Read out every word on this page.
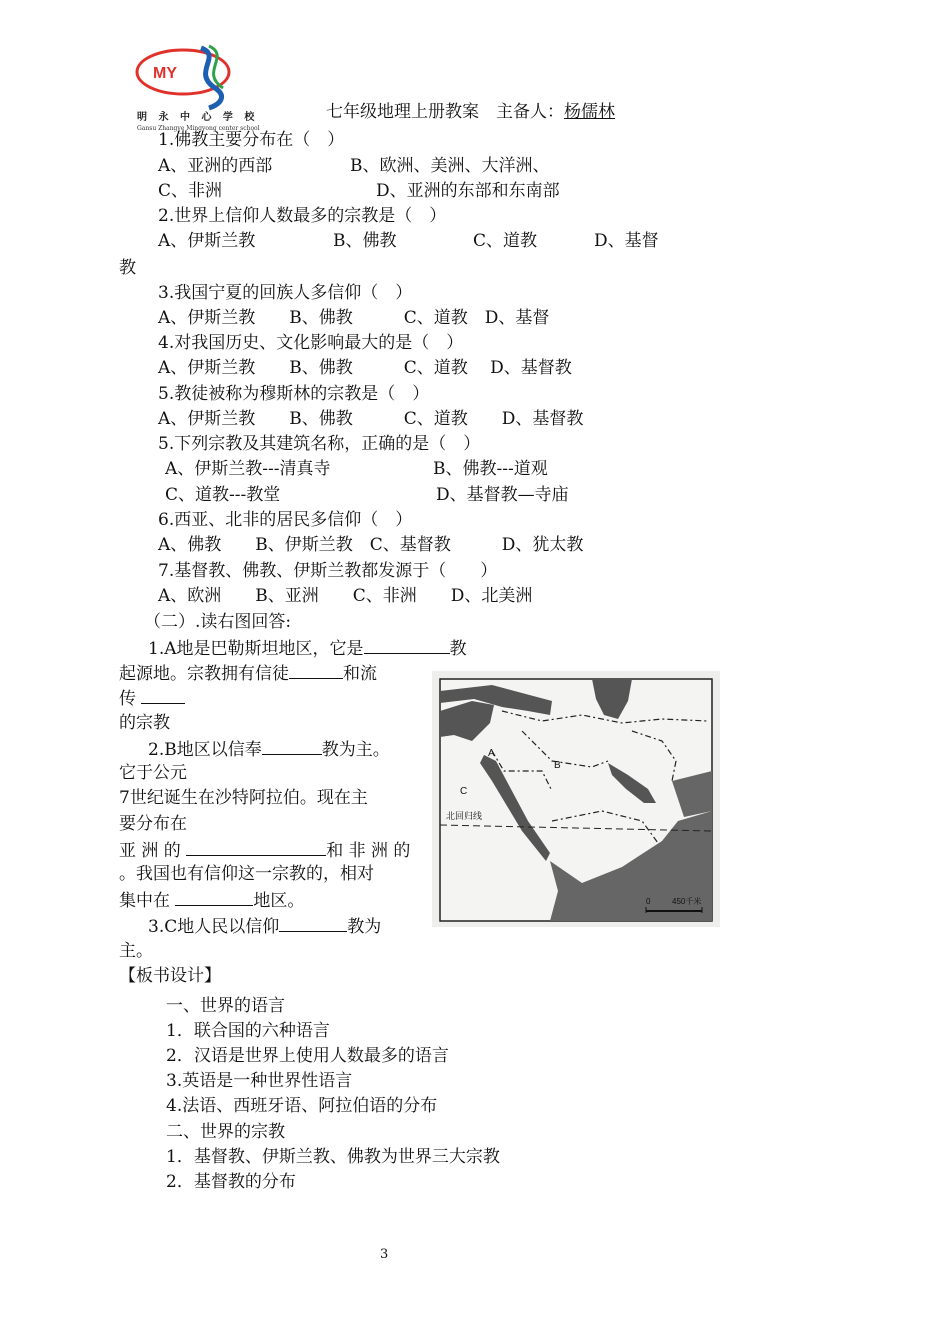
MY
明 永 中 心 学 校
Gansu Zhangye Mingyong center school
七年级地理上册教案　主备人：杨儒林
1.佛教主要分布在（　）
A、亚洲的西部	B、欧洲、美洲、大洋洲、
C、非洲	D、亚洲的东部和东南部
2.世界上信仰人数最多的宗教是（　）
A、伊斯兰教	B、佛教	C、道教	D、基督
教
3.我国宁夏的回族人多信仰（　）
A、伊斯兰教　　B、佛教　　　C、道教　D、基督
4.对我国历史、文化影响最大的是（　）
A、伊斯兰教　　B、佛教　　　C、道教　 D、基督教
5.教徒被称为穆斯林的宗教是（　）
A、伊斯兰教　　B、佛教　　　C、道教　　D、基督教
5.下列宗教及其建筑名称，正确的是（　）
A、伊斯兰教---清真寺	B、佛教---道观
C、道教---教堂	D、基督教—寺庙
6.西亚、北非的居民多信仰（　）
A、佛教　　B、伊斯兰教　C、基督教　　　D、犹太教
7.基督教、佛教、伊斯兰教都发源于（　　）
A、欧洲　　B、亚洲　　C、非洲　　D、北美洲
（二）.读右图回答:
1.A地是巴勒斯坦地区，它是	教
起源地。宗教拥有信徒	和流
传
的宗教
2.B地区以信奉	教为主。
它于公元
7世纪诞生在沙特阿拉伯。现在主
要分布在
亚 洲 的	和 非 洲 的
。我国也有信仰这一宗教的，相对
集中在	地区。
3.C地人民以信仰	教为
主。
A
B
C
北回归线
0	450千米
【板书设计】
一、世界的语言
1．联合国的六种语言
2．汉语是世界上使用人数最多的语言
3.英语是一种世界性语言
4.法语、西班牙语、阿拉伯语的分布
二、世界的宗教
1．基督教、伊斯兰教、佛教为世界三大宗教
2．基督教的分布
3
